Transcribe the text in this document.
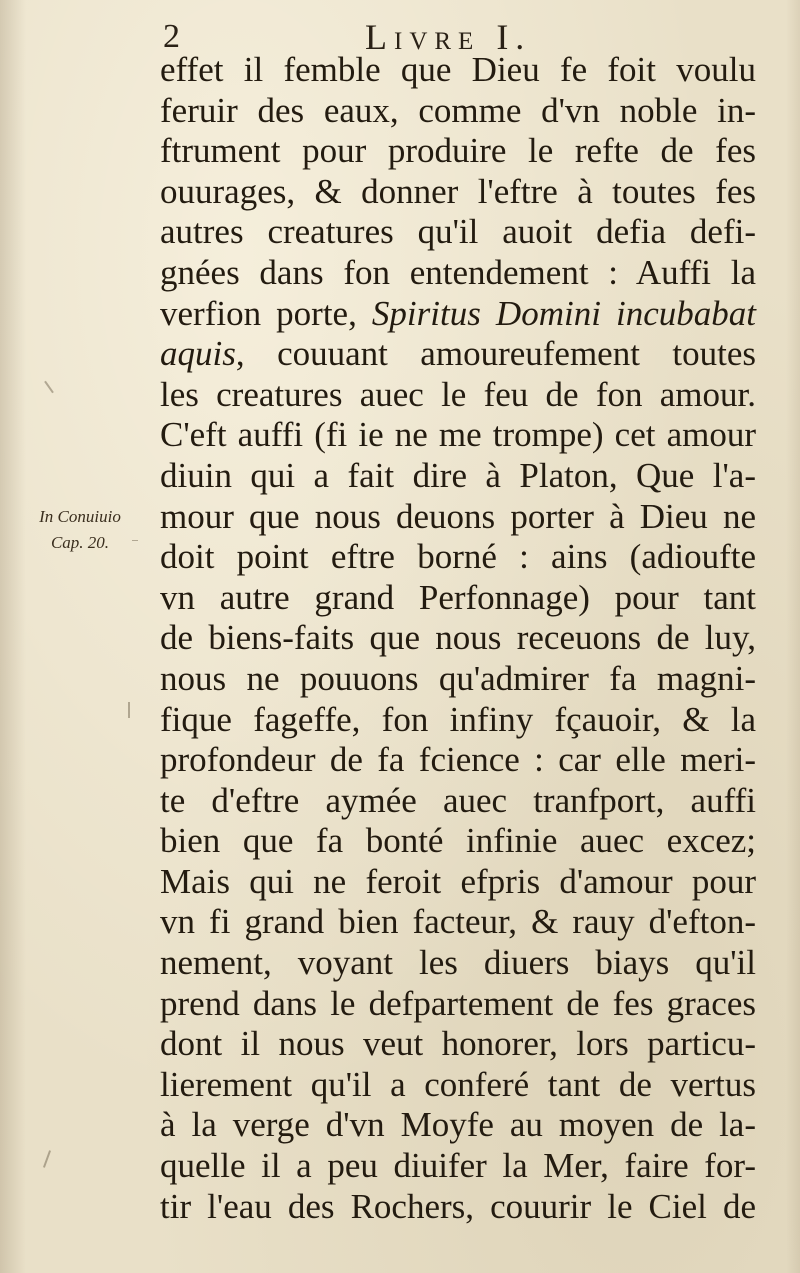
2	Livre I.
In Conuiuio
Cap. 20.
effet il femble que Dieu fe foit voulu
feruir des eaux, comme d'vn noble in-
ftrument pour produire le refte de fes
ouurages, & donner l'eftre à toutes fes
autres creatures qu'il auoit defia defi-
gnées dans fon entendement : Auffi la
verfion porte, Spiritus Domini incubabat
aquis, couuant amoureufement toutes
les creatures auec le feu de fon amour.
C'eft auffi (fi ie ne me trompe) cet amour
diuin qui a fait dire à Platon, Que l'a-
mour que nous deuons porter à Dieu ne
doit point eftre borné : ains (adioufte
vn autre grand Perfonnage) pour tant
de biens-faits que nous receuons de luy,
nous ne pouuons qu'admirer fa magni-
fique fageffe, fon infiny fçauoir, & la
profondeur de fa fcience : car elle meri-
te d'eftre aymée auec tranfport, auffi
bien que fa bonté infinie auec excez;
Mais qui ne feroit efpris d'amour pour
vn fi grand bien facteur, & rauy d'efton-
nement, voyant les diuers biays qu'il
prend dans le defpartement de fes graces
dont il nous veut honorer, lors particu-
lierement qu'il a conferé tant de vertus
à la verge d'vn Moyfe au moyen de la-
quelle il a peu diuifer la Mer, faire for-
tir l'eau des Rochers, couurir le Ciel de
